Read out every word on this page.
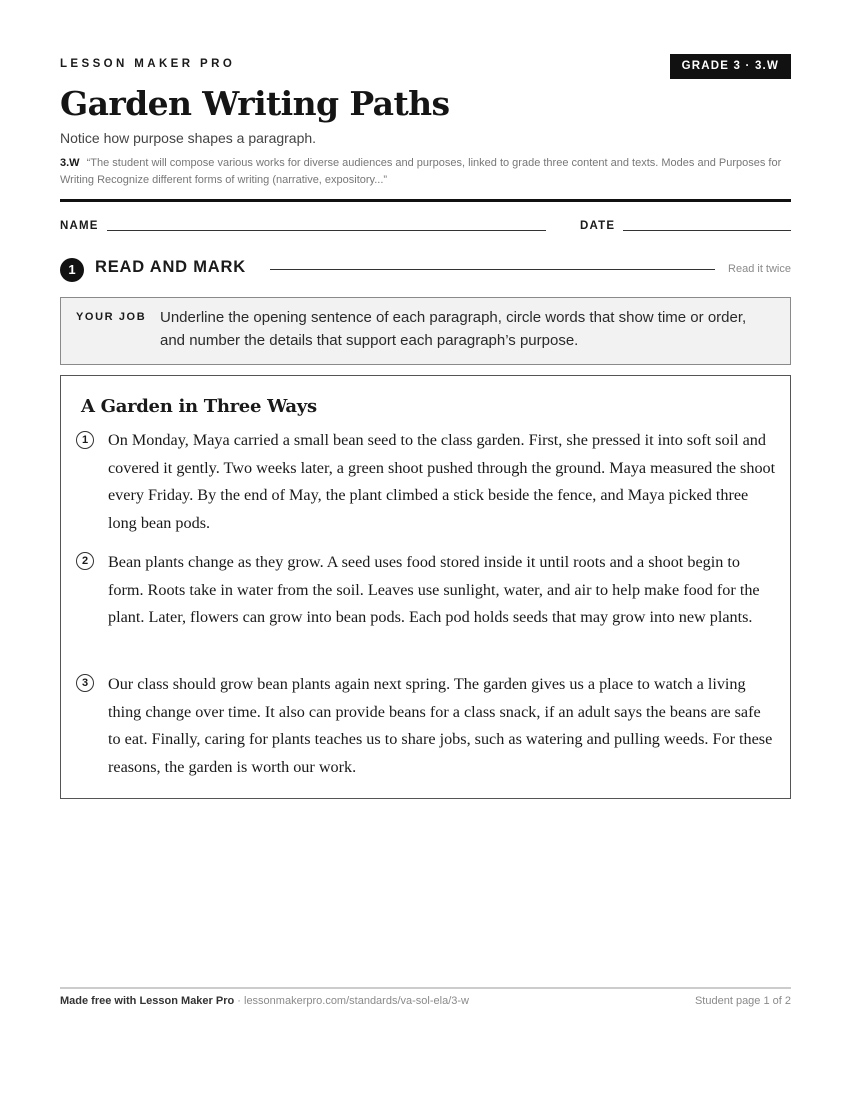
LESSON MAKER PRO	GRADE 3 · 3.W
Garden Writing Paths
Notice how purpose shapes a paragraph.
3.W “The student will compose various works for diverse audiences and purposes, linked to grade three content and texts. Modes and Purposes for Writing Recognize different forms of writing (narrative, expository...”
NAME	DATE
1	READ AND MARK	Read it twice
YOUR JOB Underline the opening sentence of each paragraph, circle words that show time or order, and number the details that support each paragraph’s purpose.
A Garden in Three Ways
1	On Monday, Maya carried a small bean seed to the class garden. First, she pressed it into soft soil and covered it gently. Two weeks later, a green shoot pushed through the ground. Maya measured the shoot every Friday. By the end of May, the plant climbed a stick beside the fence, and Maya picked three long bean pods.

2	Bean plants change as they grow. A seed uses food stored inside it until roots and a shoot begin to form. Roots take in water from the soil. Leaves use sunlight, water, and air to help make food for the plant. Later, flowers can grow into bean pods. Each pod holds seeds that may grow into new plants.

3	Our class should grow bean plants again next spring. The garden gives us a place to watch a living thing change over time. It also can provide beans for a class snack, if an adult says the beans are safe to eat. Finally, caring for plants teaches us to share jobs, such as watering and pulling weeds. For these reasons, the garden is worth our work.

Made free with Lesson Maker Pro · lessonmakerpro.com/standards/va-sol-ela/3-w	Student page 1 of 2
